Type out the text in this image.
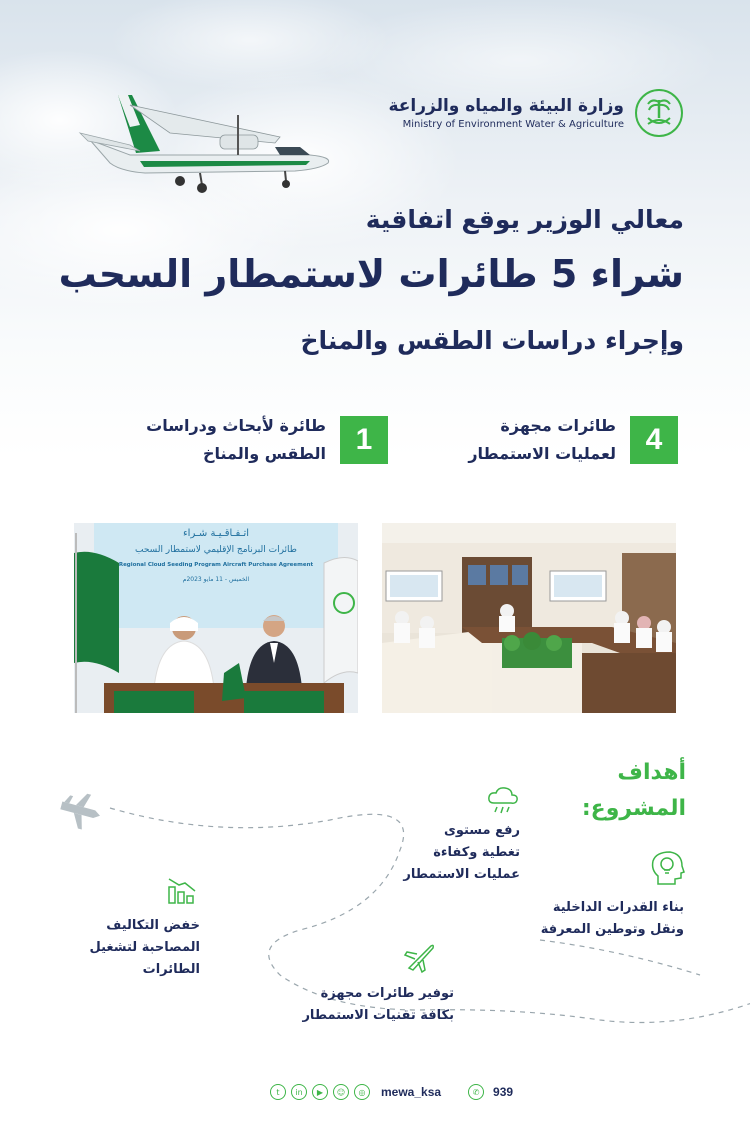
وزارة البيئة والمياه والزراعة
Ministry of Environment Water & Agriculture
معالي الوزير يوقع اتفاقية
شراء 5 طائرات لاستمطار السحب
وإجراء دراسات الطقس والمناخ
4
طائرات مجهزة
لعمليات الاستمطار
1
طائرة لأبحاث ودراسات
الطقس والمناخ
اتـفـاقـيـة شـراء
طائرات البرنامج الإقليمي لاستمطار السحب
Regional Cloud Seeding Program Aircraft Purchase Agreement
الخميس - 11 مايو 2023م
أهداف
المشروع:
رفع مستوى
تغطية وكفاءة
عمليات الاستمطار
بناء القدرات الداخلية
ونقل وتوطين المعرفة
خفض التكاليف
المصاحبة لتشغيل
الطائرات
توفير طائرات مجهزة
بكافة تقنيات الاستمطار
t	in	▶	☺	◎	mewa_ksa	✆	939
